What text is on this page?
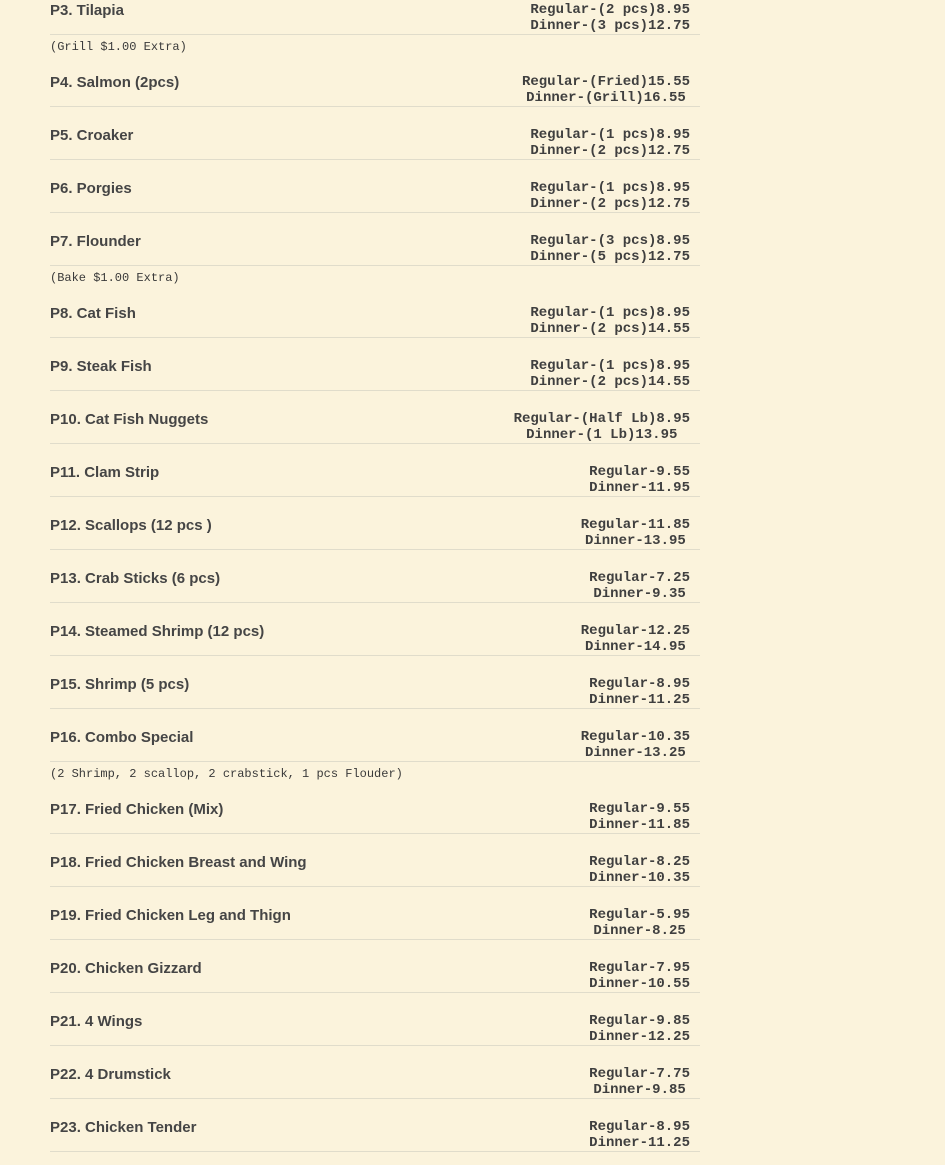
P3. Tilapia	Regular-(2 pcs)8.95
Dinner-(3 pcs)12.75
(Grill $1.00 Extra)
P4. Salmon (2pcs)	Regular-(Fried)15.55
Dinner-(Grill)16.55
P5. Croaker	Regular-(1 pcs)8.95
Dinner-(2 pcs)12.75
P6. Porgies	Regular-(1 pcs)8.95
Dinner-(2 pcs)12.75
P7. Flounder	Regular-(3 pcs)8.95
Dinner-(5 pcs)12.75
(Bake $1.00 Extra)
P8. Cat Fish	Regular-(1 pcs)8.95
Dinner-(2 pcs)14.55
P9. Steak Fish	Regular-(1 pcs)8.95
Dinner-(2 pcs)14.55
P10. Cat Fish Nuggets	Regular-(Half Lb)8.95
Dinner-(1 Lb)13.95
P11. Clam Strip	Regular-9.55
Dinner-11.95
P12. Scallops (12 pcs )	Regular-11.85
Dinner-13.95
P13. Crab Sticks (6 pcs)	Regular-7.25
Dinner-9.35
P14. Steamed Shrimp (12 pcs)	Regular-12.25
Dinner-14.95
P15. Shrimp (5 pcs)	Regular-8.95
Dinner-11.25
P16. Combo Special	Regular-10.35
Dinner-13.25
(2 Shrimp, 2 scallop, 2 crabstick, 1 pcs Flouder)
P17. Fried Chicken (Mix)	Regular-9.55
Dinner-11.85
P18. Fried Chicken Breast and Wing	Regular-8.25
Dinner-10.35
P19. Fried Chicken Leg and Thign	Regular-5.95
Dinner-8.25
P20. Chicken Gizzard	Regular-7.95
Dinner-10.55
P21. 4 Wings	Regular-9.85
Dinner-12.25
P22. 4 Drumstick	Regular-7.75
Dinner-9.85
P23. Chicken Tender	Regular-8.95
Dinner-11.25
